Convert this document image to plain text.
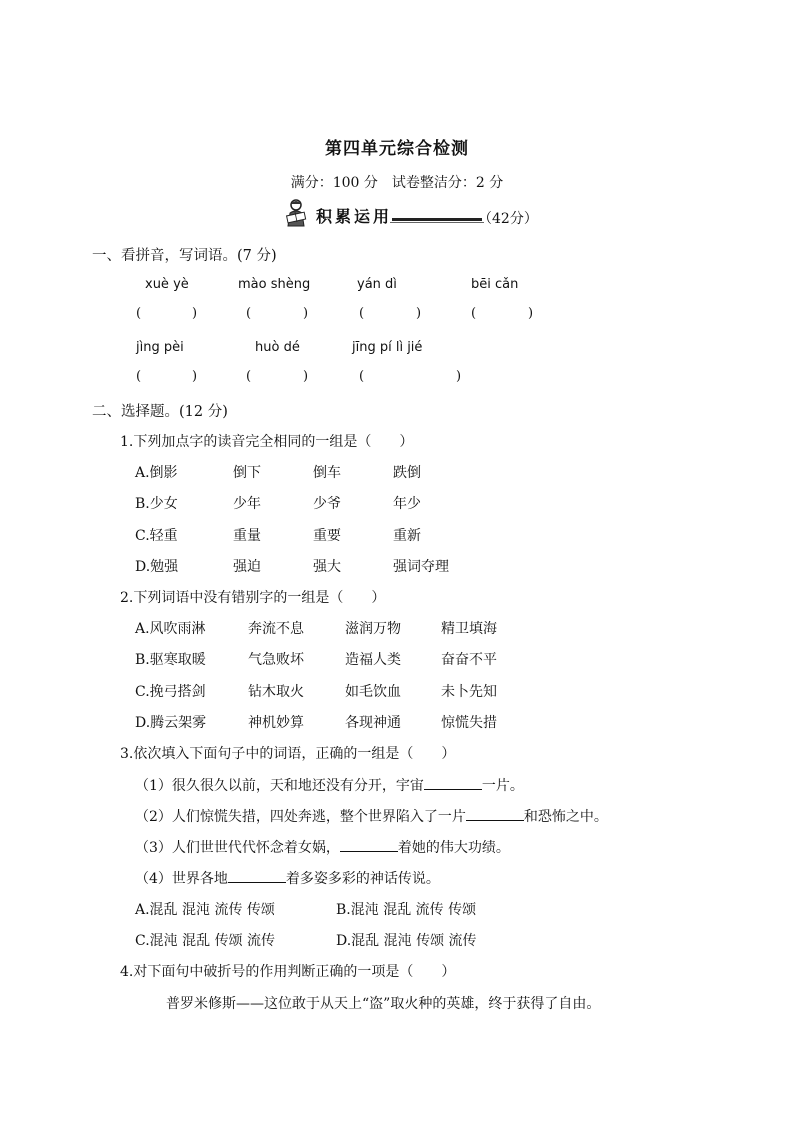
第四单元综合检测
满分：100 分　试卷整洁分：2 分
积累运用	（42分）
一、看拼音，写词语。(7 分)
xuè yè	mào shèng	yán dì	bēi cǎn
(	)	(	)	(	)	(	)
jìng pèi	huò dé	jīng pí lì jié
(	)	(	)	(	)
二、选择题。(12 分)
1.下列加点字的读音完全相同的一组是（　　）
A.倒影	倒下	倒车	跌倒
B.少女	少年	少爷	年少
C.轻重	重量	重要	重新
D.勉强	强迫	强大	强词夺理
2.下列词语中没有错别字的一组是（　　）
A.风吹雨淋	奔流不息	滋润万物	精卫填海
B.驱寒取暖	气急败坏	造福人类	奋奋不平
C.挽弓搭剑	钻木取火	如毛饮血	未卜先知
D.腾云架雾	神机妙算	各现神通	惊慌失措
3.依次填入下面句子中的词语，正确的一组是（　　）
（1）很久很久以前，天和地还没有分开，宇宙	一片。
（2）人们惊慌失措，四处奔逃，整个世界陷入了一片	和恐怖之中。
（3）人们世世代代怀念着女娲，	着她的伟大功绩。
（4）世界各地	着多姿多彩的神话传说。
A.混乱 混沌 流传 传颂	B.混沌 混乱 流传 传颂
C.混沌 混乱 传颂 流传	D.混乱 混沌 传颂 流传
4.对下面句中破折号的作用判断正确的一项是（　　）
普罗米修斯——这位敢于从天上“盗”取火种的英雄，终于获得了自由。
